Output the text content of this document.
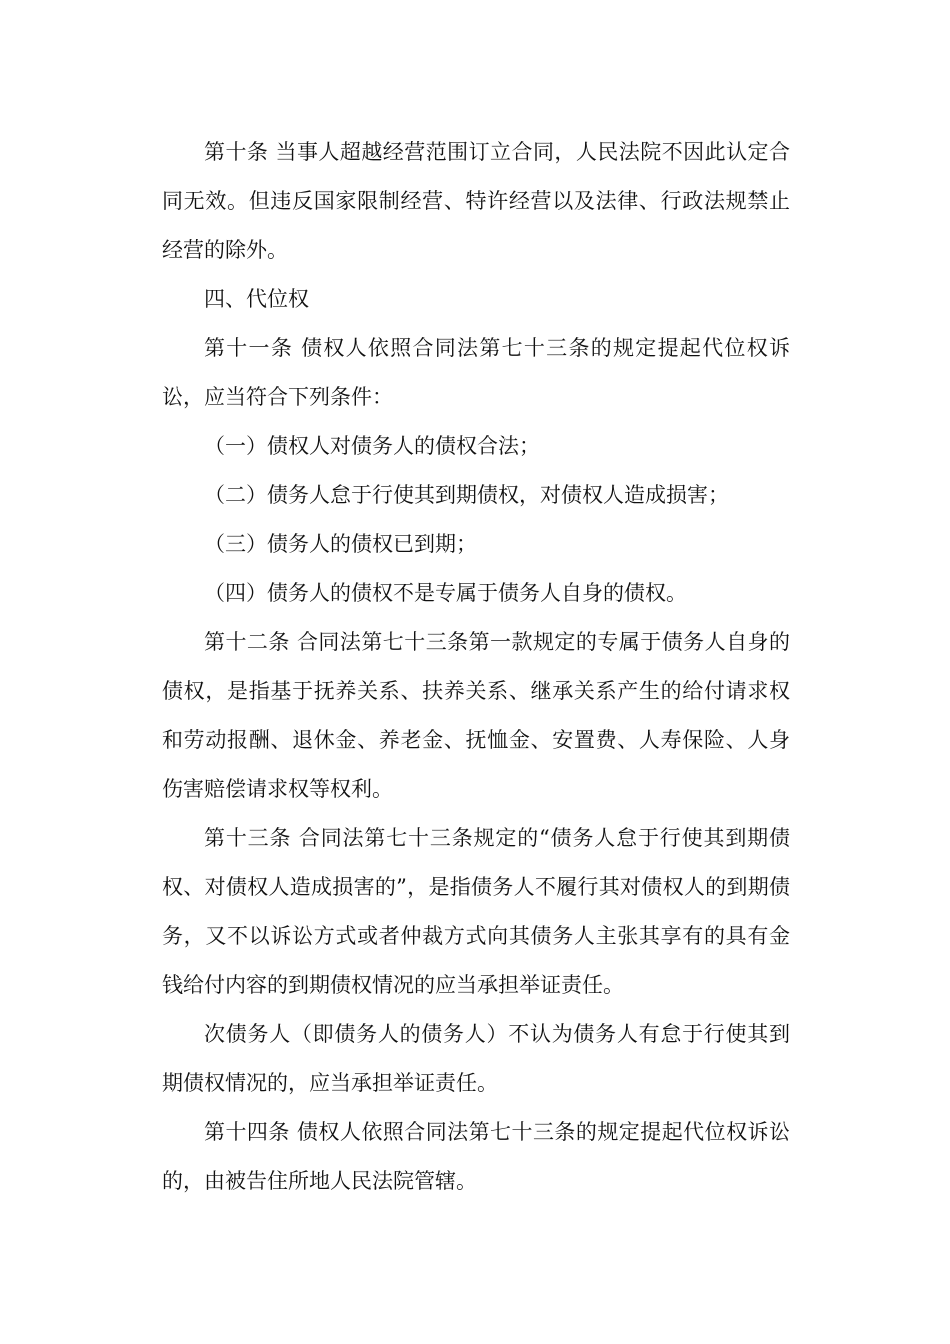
第十条 当事人超越经营范围订立合同，人民法院不因此认定合同无效。但违反国家限制经营、特许经营以及法律、行政法规禁止经营的除外。

四、代位权

第十一条 债权人依照合同法第七十三条的规定提起代位权诉讼，应当符合下列条件：

（一）债权人对债务人的债权合法；

（二）债务人怠于行使其到期债权，对债权人造成损害；

（三）债务人的债权已到期；

（四）债务人的债权不是专属于债务人自身的债权。

第十二条 合同法第七十三条第一款规定的专属于债务人自身的债权，是指基于抚养关系、扶养关系、继承关系产生的给付请求权和劳动报酬、退休金、养老金、抚恤金、安置费、人寿保险、人身伤害赔偿请求权等权利。

第十三条 合同法第七十三条规定的“债务人怠于行使其到期债权、对债权人造成损害的”，是指债务人不履行其对债权人的到期债务，又不以诉讼方式或者仲裁方式向其债务人主张其享有的具有金钱给付内容的到期债权情况的应当承担举证责任。

次债务人（即债务人的债务人）不认为债务人有怠于行使其到期债权情况的，应当承担举证责任。

第十四条 债权人依照合同法第七十三条的规定提起代位权诉讼的，由被告住所地人民法院管辖。
